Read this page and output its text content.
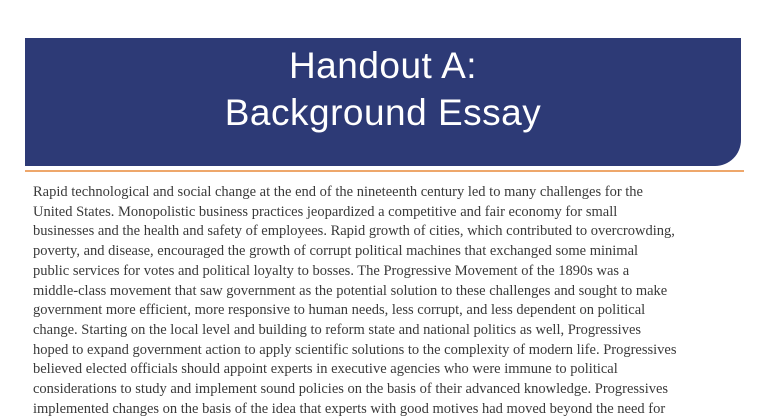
Handout A:
Background Essay
Rapid technological and social change at the end of the nineteenth century led to many challenges for the
United States. Monopolistic business practices jeopardized a competitive and fair economy for small
businesses and the health and safety of employees. Rapid growth of cities, which contributed to overcrowding,
poverty, and disease, encouraged the growth of corrupt political machines that exchanged some minimal
public services for votes and political loyalty to bosses. The Progressive Movement of the 1890s was a
middle-class movement that saw government as the potential solution to these challenges and sought to make
government more efficient, more responsive to human needs, less corrupt, and less dependent on political
change. Starting on the local level and building to reform state and national politics as well, Progressives
hoped to expand government action to apply scientific solutions to the complexity of modern life. Progressives
believed elected officials should appoint experts in executive agencies who were immune to political
considerations to study and implement sound policies on the basis of their advanced knowledge. Progressives
implemented changes on the basis of the idea that experts with good motives had moved beyond the need for
